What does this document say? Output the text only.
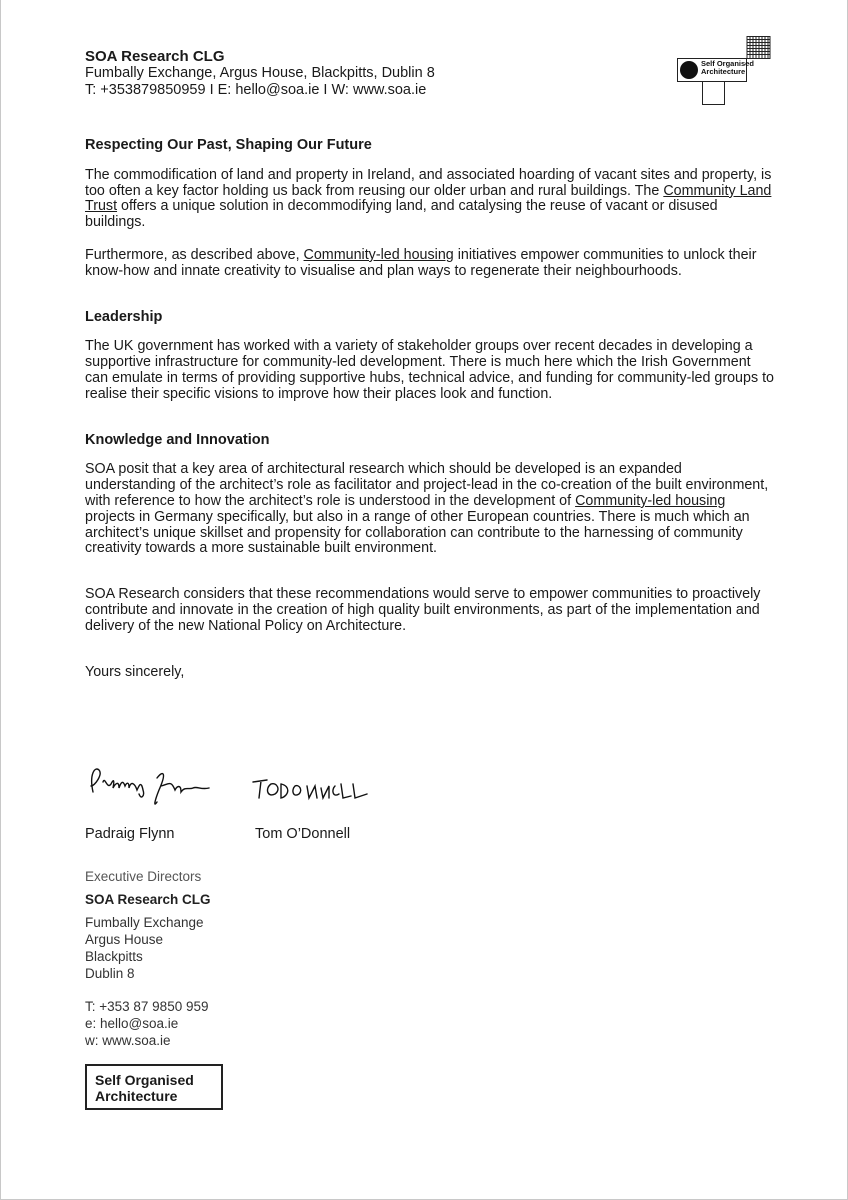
SOA Research CLG
Fumbally Exchange, Argus House, Blackpitts, Dublin 8
T: +353879850959 I E: hello@soa.ie I W: www.soa.ie
Self Organised
Architecture
Respecting Our Past, Shaping Our Future

The commodification of land and property in Ireland, and associated hoarding of vacant sites and property, is too often a key factor holding us back from reusing our older urban and rural buildings. The Community Land Trust offers a unique solution in decommodifying land, and catalysing the reuse of vacant or disused buildings.

Furthermore, as described above, Community-led housing initiatives empower communities to unlock their know-how and innate creativity to visualise and plan ways to regenerate their neighbourhoods.

Leadership

The UK government has worked with a variety of stakeholder groups over recent decades in developing a supportive infrastructure for community-led development. There is much here which the Irish Government can emulate in terms of providing supportive hubs, technical advice, and funding for community-led groups to realise their specific visions to improve how their places look and function.

Knowledge and Innovation

SOA posit that a key area of architectural research which should be developed is an expanded understanding of the architect’s role as facilitator and project-lead in the co-creation of the built environment, with reference to how the architect’s role is understood in the development of Community-led housing projects in Germany specifically, but also in a range of other European countries. There is much which an architect’s unique skillset and propensity for collaboration can contribute to the harnessing of community creativity towards a more sustainable built environment.

SOA Research considers that these recommendations would serve to empower communities to proactively contribute and innovate in the creation of high quality built environments, as part of the implementation and delivery of the new National Policy on Architecture.

Yours sincerely,

Padraig Flynn	Tom O’Donnell
Executive Directors
SOA Research CLG
Fumbally Exchange
Argus House
Blackpitts
Dublin 8
T: +353 87 9850 959
e: hello@soa.ie
w: www.soa.ie
Self Organised
Architecture
